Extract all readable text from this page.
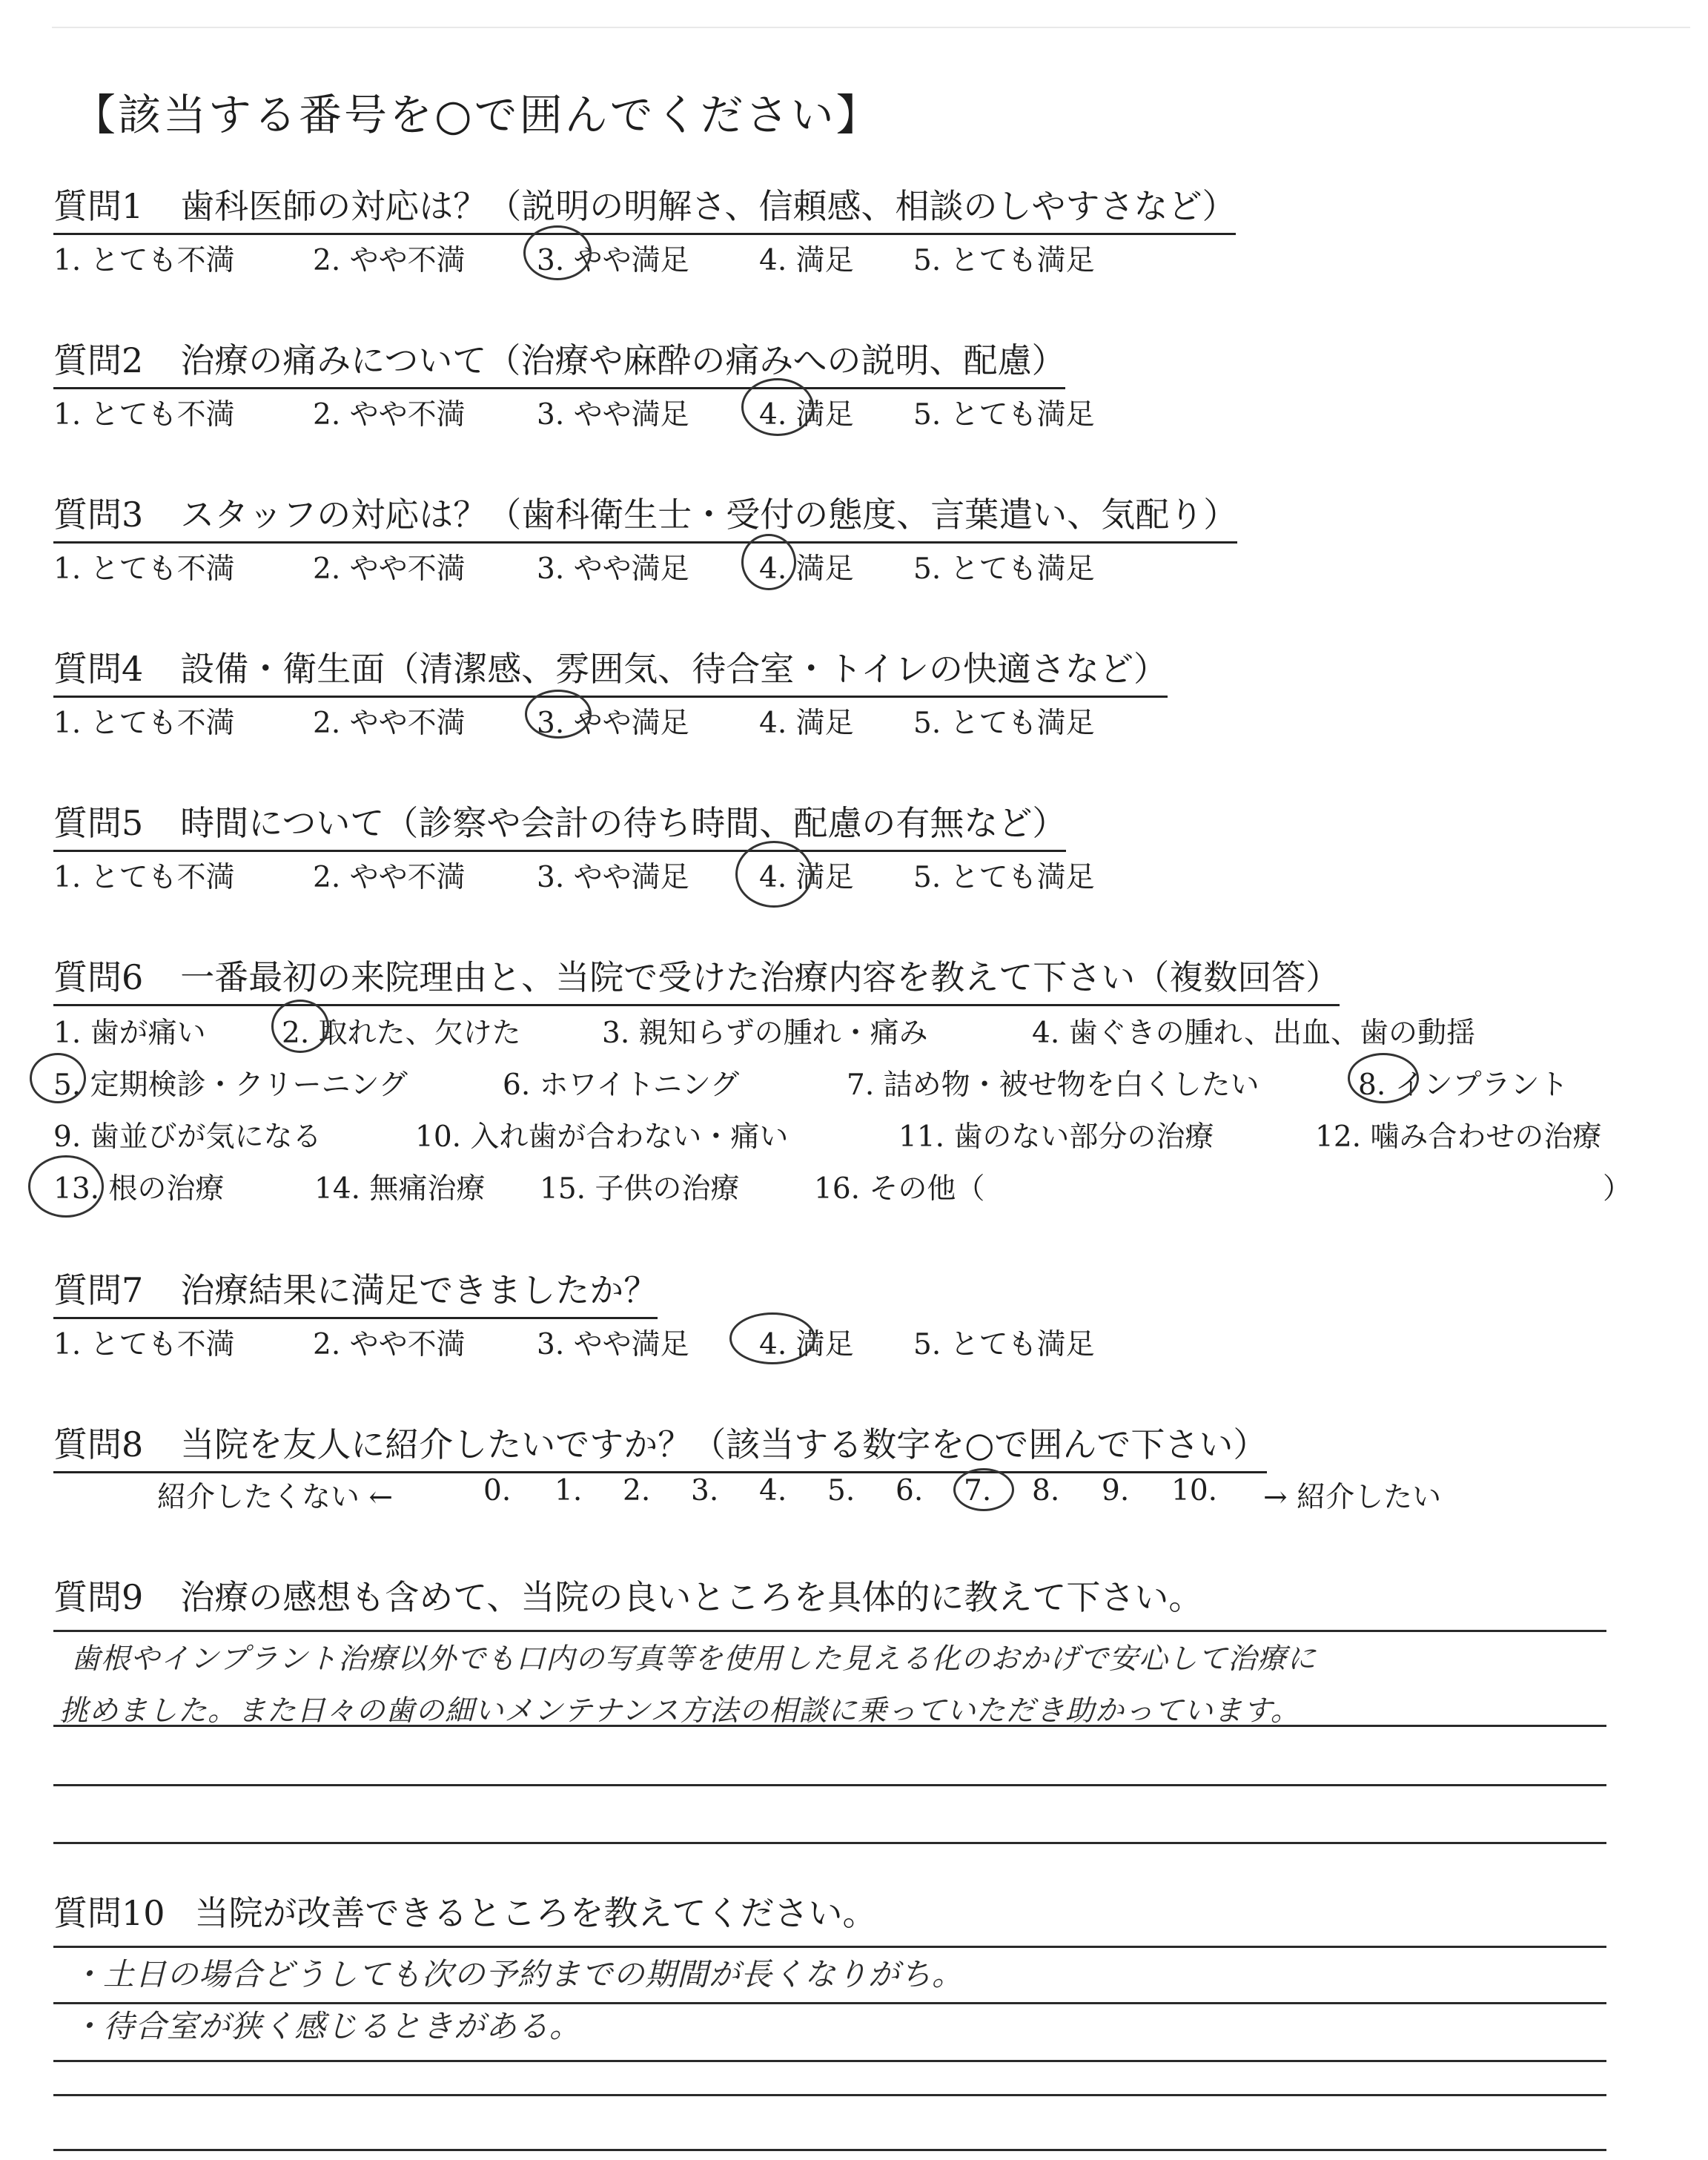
【該当する番号を○で囲んでください】
質問1 歯科医師の対応は？（説明の明解さ、信頼感、相談のしやすさなど）
1. とても不満	2. やや不満 3. やや満足 4. 満足 5. とても満足
質問2 治療の痛みについて（治療や麻酔の痛みへの説明、配慮）
1. とても不満	2. やや不満 3. やや満足 4. 満足 5. とても満足
質問3 スタッフの対応は？（歯科衛生士・受付の態度、言葉遣い、気配り）
1. とても不満	2. やや不満 3. やや満足 4. 満足 5. とても満足
質問4 設備・衛生面（清潔感、雰囲気、待合室・トイレの快適さなど）
1. とても不満	2. やや不満 3. やや満足 4. 満足 5. とても満足
質問5 時間について（診察や会計の待ち時間、配慮の有無など）
1. とても不満	2. やや不満 3. やや満足 4. 満足 5. とても満足
質問6 一番最初の来院理由と、当院で受けた治療内容を教えて下さい（複数回答）
1. 歯が痛い	2. 取れた、欠けた	3. 親知らずの腫れ・痛み	4. 歯ぐきの腫れ、出血、歯の動揺
5. 定期検診・クリーニング	6. ホワイトニング	7. 詰め物・被せ物を白くしたい	8. インプラント
9. 歯並びが気になる	10. 入れ歯が合わない・痛い	11. 歯のない部分の治療	12. 噛み合わせの治療
13. 根の治療	14. 無痛治療 15. 子供の治療	16. その他（	）
質問7 治療結果に満足できましたか？
1. とても不満	2. やや不満 3. やや満足 4. 満足 5. とても満足
質問8 当院を友人に紹介したいですか？（該当する数字を○で囲んで下さい）
紹介したくない ←	0. 1. 2. 3. 4. 5. 6. 7. 8. 9. 10. → 紹介したい
質問9 治療の感想も含めて、当院の良いところを具体的に教えて下さい。
歯根やインプラント治療以外でも口内の写真等を使用した見える化のおかげで安心して治療に
挑めました。また日々の歯の細いメンテナンス方法の相談に乗っていただき助かっています。
質問10 当院が改善できるところを教えてください。
・土日の場合どうしても次の予約までの期間が長くなりがち。
・待合室が狭く感じるときがある。
